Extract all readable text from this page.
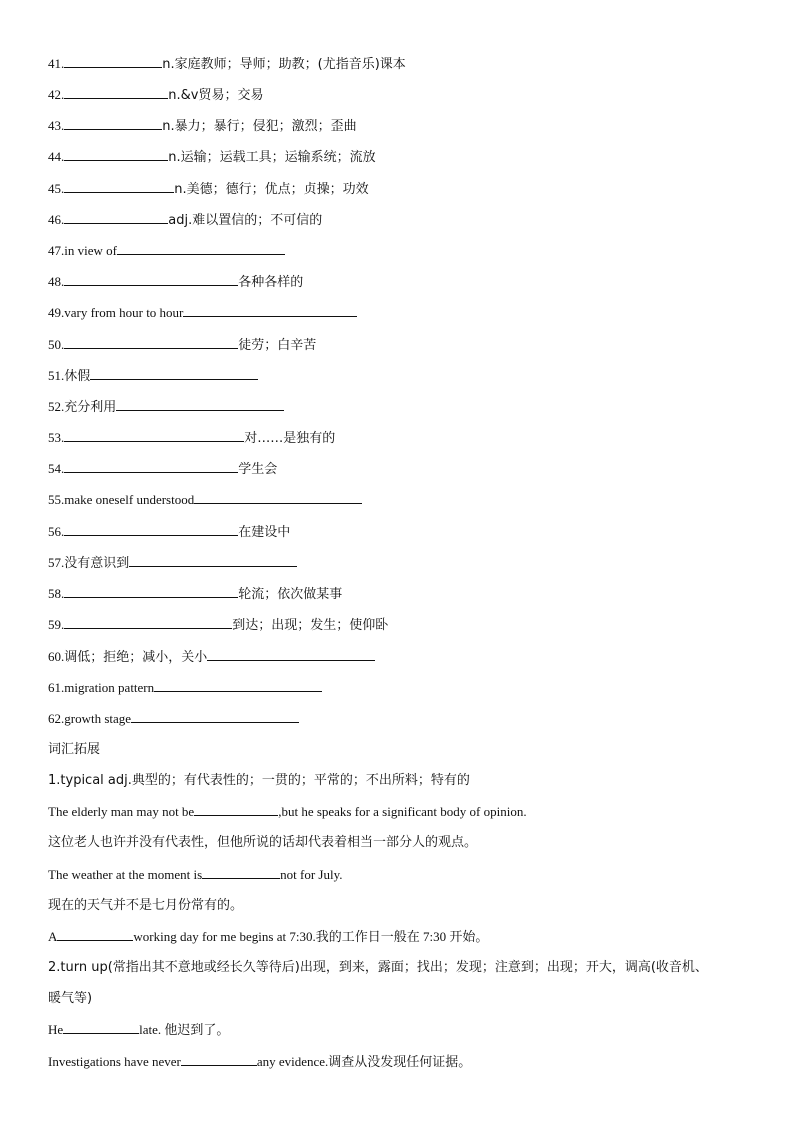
41.	n.家庭教师；导师；助教；(尤指音乐)课本
42.	n.&v贸易；交易
43.	n.暴力；暴行；侵犯；激烈；歪曲
44.	n.运输；运载工具；运输系统；流放
45.	n.美德；德行；优点；贞操；功效
46.	adj.难以置信的；不可信的
47.in view of
48.	各种各样的
49.vary from hour to hour
50.	徒劳；白辛苦
51.休假
52.充分利用
53.	对……是独有的
54.	学生会
55.make oneself understood
56.	在建设中
57.没有意识到
58.	轮流；依次做某事
59.	到达；出现；发生；使仰卧
60.调低；拒绝；减小，关小
61.migration pattern
62.growth stage
词汇拓展
1.typical adj.典型的；有代表性的；一贯的；平常的；不出所料；特有的
The elderly man may not be	,but he speaks for a significant body of opinion.
这位老人也许并没有代表性，但他所说的话却代表着相当一部分人的观点。
The weather at the moment is	not for July.
现在的天气并不是七月份常有的。
A	working day for me begins at 7:30.我的工作日一般在 7:30 开始。
2.turn up(常指出其不意地或经长久等待后)出现，到来，露面；找出；发现；注意到；出现；开大，调高(收音机、
暖气等)
He	late. 他迟到了。
Investigations have never	any evidence.调查从没发现任何证据。
